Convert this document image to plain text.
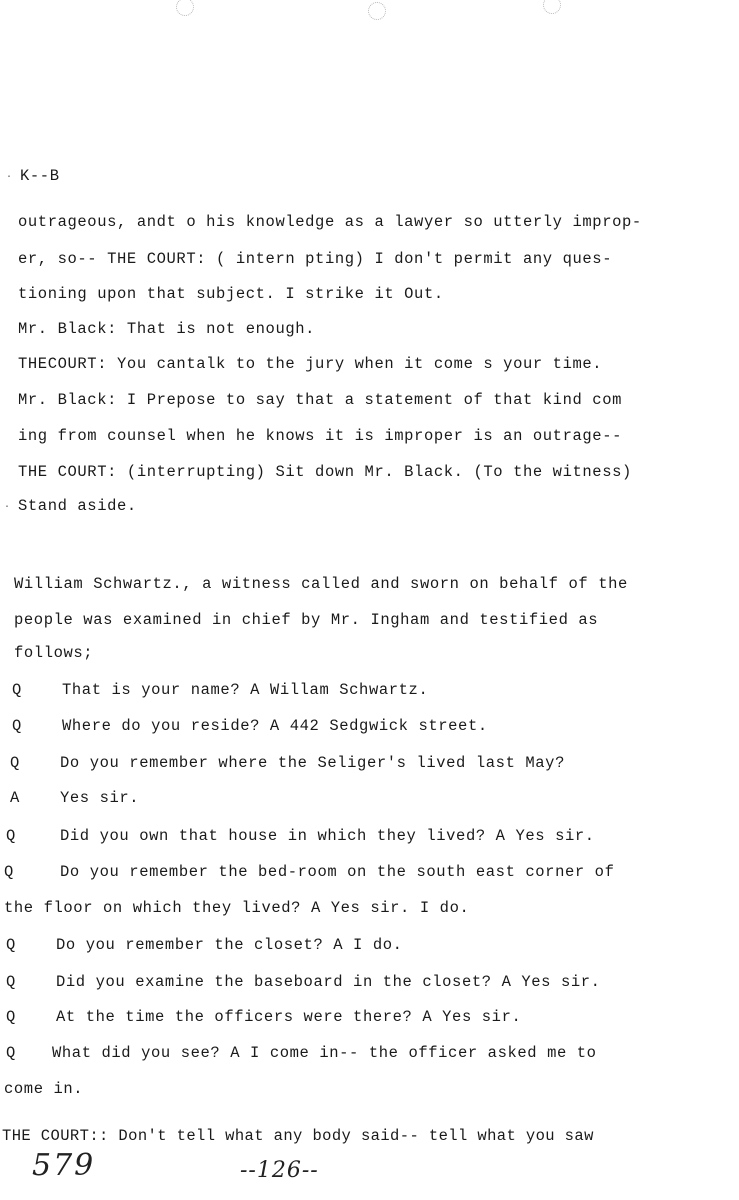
· K--B
outrageous, andt o his knowledge as a lawyer so utterly improp-
er, so-- THE COURT: ( intern pting) I don't permit any ques-
tioning upon that subject. I strike it Out.
Mr. Black: That is not enough.
THECOURT: You cantalk to the jury when it come s your time.
Mr. Black: I Prepose to say that a statement of that kind com
ing from counsel when he knows it is improper is an outrage--
THE COURT: (interrupting) Sit down Mr. Black. (To the witness)
· Stand aside.
William Schwartz., a witness called and sworn on behalf of the
people was examined in chief by Mr. Ingham and testified as
follows;
Q	That is your name? A Willam Schwartz.
Q	Where do you reside? A 442 Sedgwick street.
Q	Do you remember where the Seliger's lived last May?
A	Yes sir.
Q	Did you own that house in which they lived? A Yes sir.
Q	Do you remember the bed-room on the south east corner of
the floor on which they lived? A Yes sir. I do.
Q	Do you remember the closet? A I do.
Q	Did you examine the baseboard in the closet? A Yes sir.
Q	At the time the officers were there? A Yes sir.
Q What did you see? A I come in-- the officer asked me to
come in.
THE COURT:: Don't tell what any body said-- tell what you saw
579	--126--
